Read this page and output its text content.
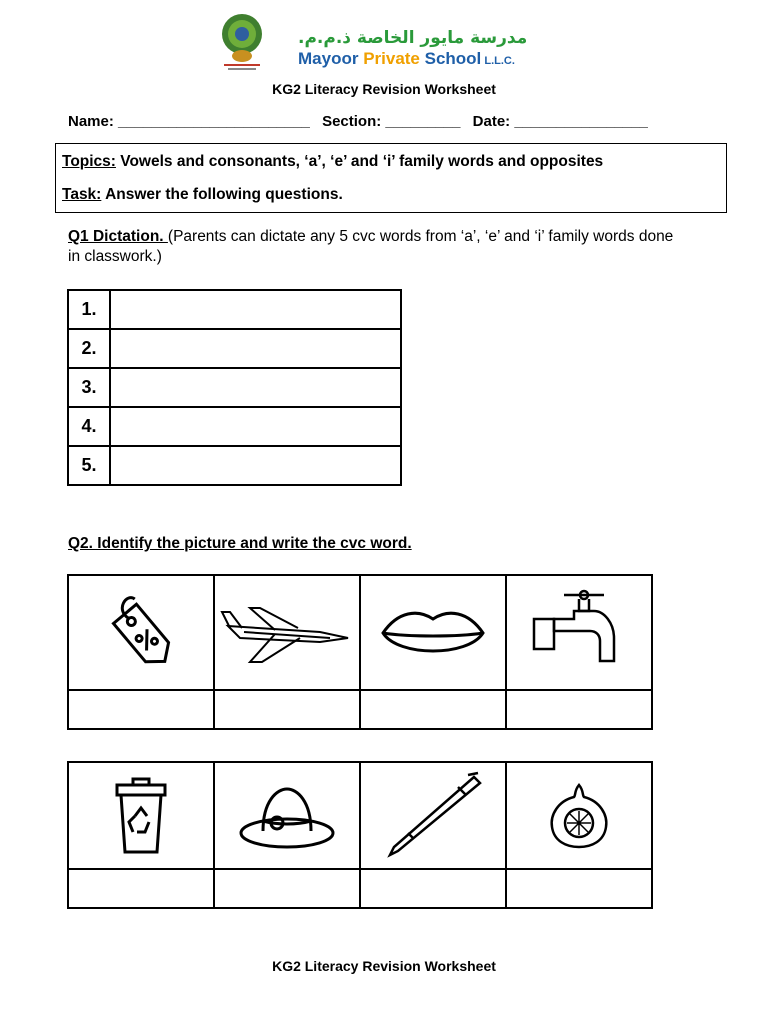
مدرسة مايور الخاصة ذ.م.م.
Mayoor Private School L.L.C.
KG2 Literacy Revision Worksheet
Name: _______________________ Section: _________ Date: ________________
Topics: Vowels and consonants, ‘a’, ‘e’ and ‘i’ family words and opposites
Task: Answer the following questions.
Q1 Dictation. (Parents can dictate any 5 cvc words from ‘a’, ‘e’ and ‘i’ family words done in classwork.)
1.	
2.	
3.	
4.	
5.	
Q2. Identify the picture and write the cvc word.

KG2 Literacy Revision Worksheet
